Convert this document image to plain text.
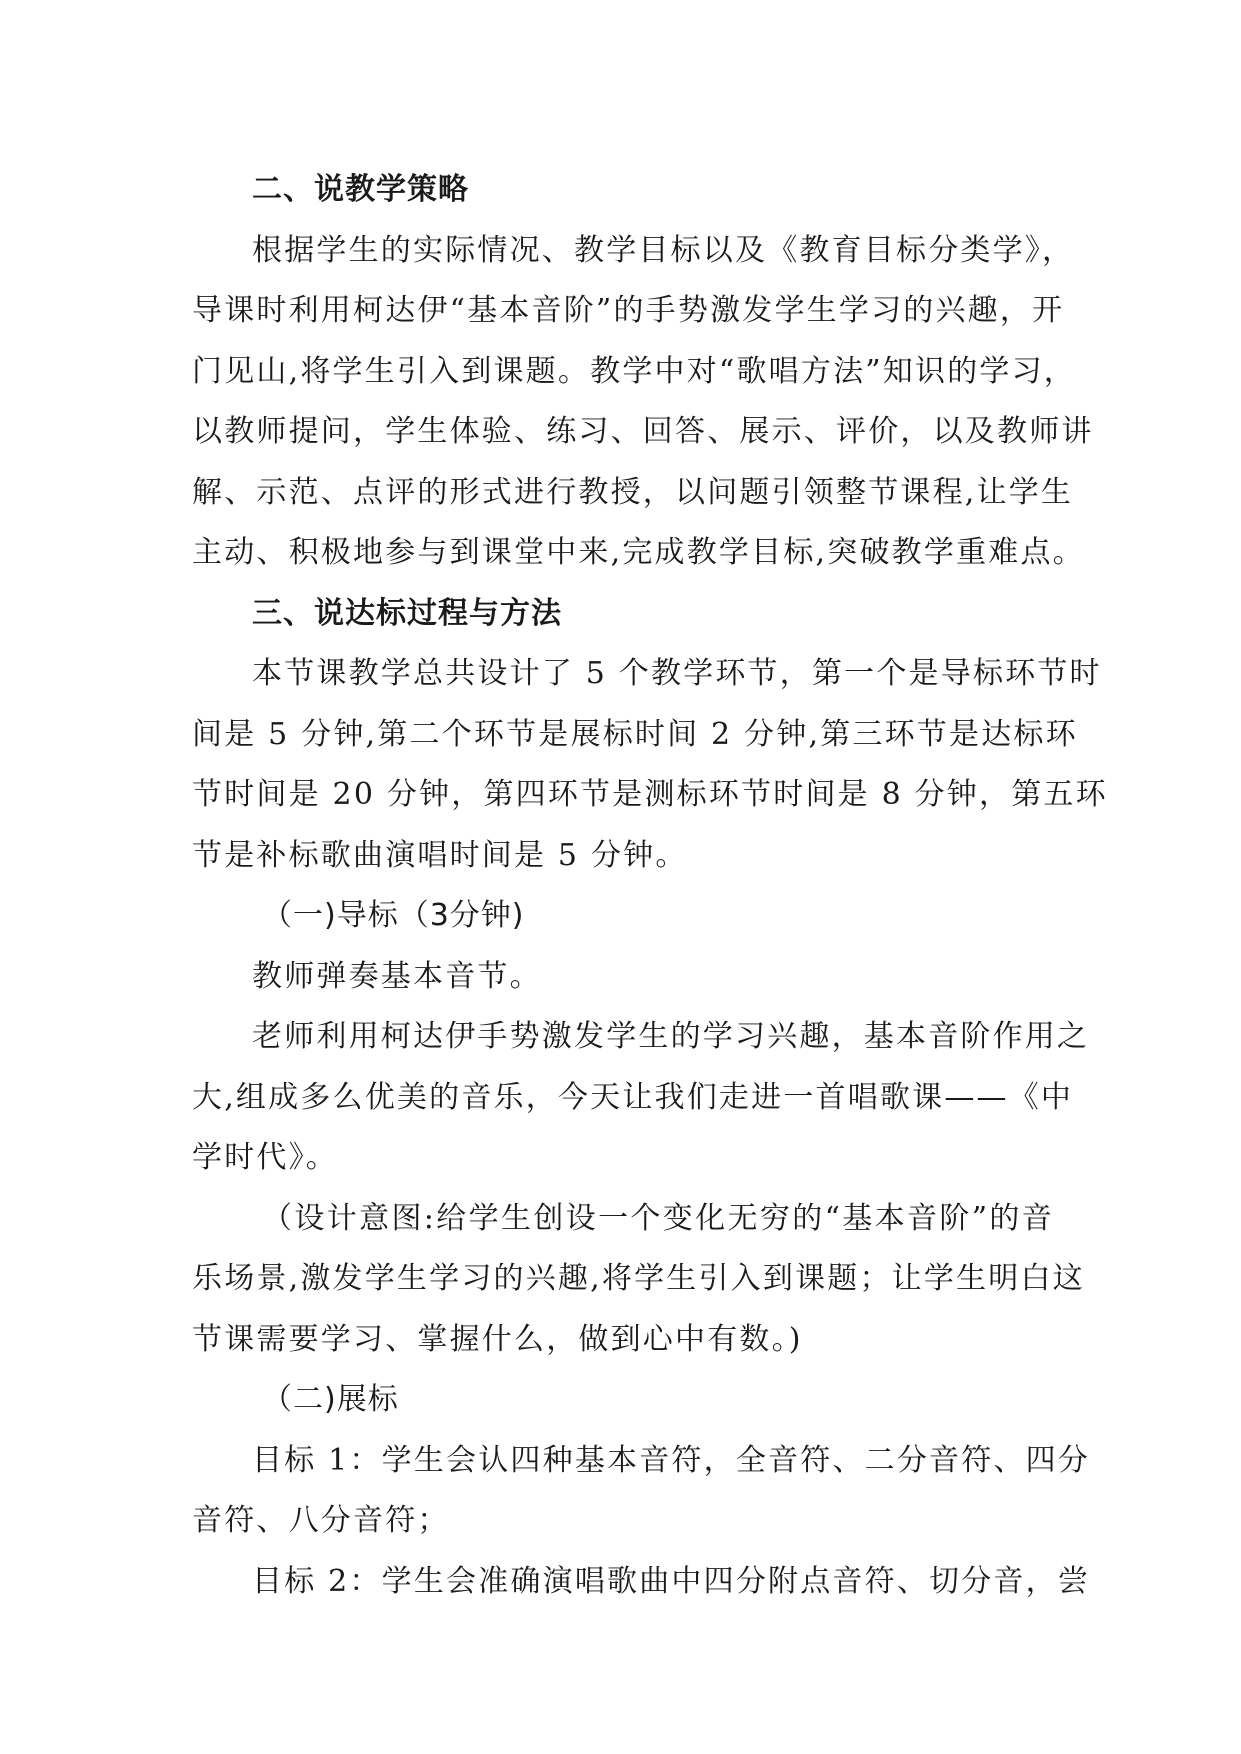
二、说教学策略
根据学生的实际情况、教学目标以及《教育目标分类学》，
导课时利用柯达伊“基本音阶”的手势激发学生学习的兴趣，开
门见山,将学生引入到课题。教学中对“歌唱方法”知识的学习，
以教师提问，学生体验、练习、回答、展示、评价，以及教师讲
解、示范、点评的形式进行教授，以问题引领整节课程,让学生
主动、积极地参与到课堂中来,完成教学目标,突破教学重难点。
三、说达标过程与方法
本节课教学总共设计了 5 个教学环节，第一个是导标环节时
间是 5 分钟,第二个环节是展标时间 2 分钟,第三环节是达标环
节时间是 20 分钟，第四环节是测标环节时间是 8 分钟，第五环
节是补标歌曲演唱时间是 5 分钟。
（一)导标（3分钟)
教师弹奏基本音节。
老师利用柯达伊手势激发学生的学习兴趣，基本音阶作用之
大,组成多么优美的音乐，今天让我们走进一首唱歌课——《中
学时代》。
（设计意图:给学生创设一个变化无穷的“基本音阶”的音
乐场景,激发学生学习的兴趣,将学生引入到课题；让学生明白这
节课需要学习、掌握什么，做到心中有数。)
（二)展标
目标 1：学生会认四种基本音符，全音符、二分音符、四分
音符、八分音符；
目标 2：学生会准确演唱歌曲中四分附点音符、切分音，尝
